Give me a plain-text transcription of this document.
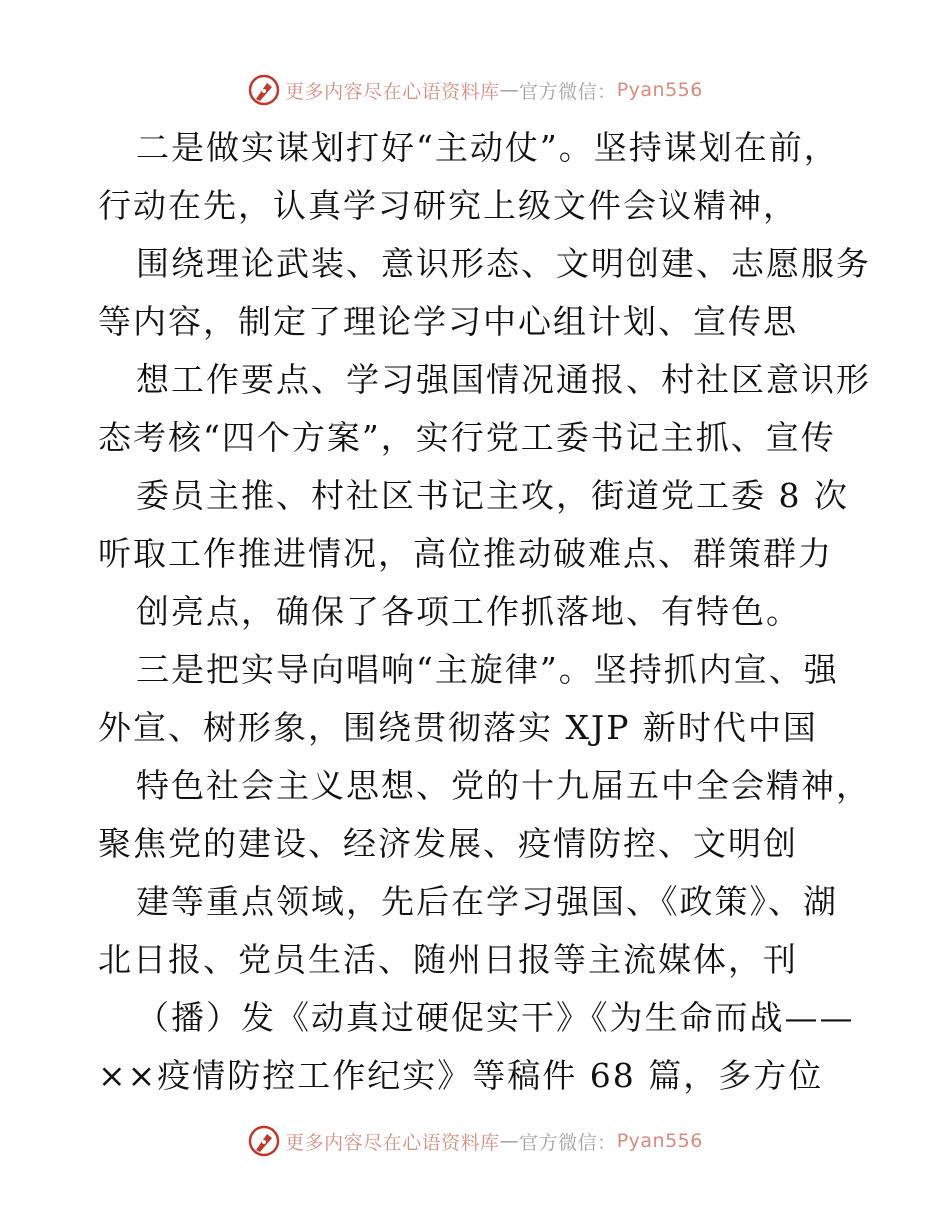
更多内容尽在心语资料库 — 官方微信： Pyan556
二是做实谋划打好“主动仗”。坚持谋划在前，
行动在先，认真学习研究上级文件会议精神，
围绕理论武装、意识形态、文明创建、志愿服务
等内容，制定了理论学习中心组计划、宣传思
想工作要点、学习强国情况通报、村社区意识形
态考核“四个方案”，实行党工委书记主抓、宣传
委员主推、村社区书记主攻，街道党工委 8 次
听取工作推进情况，高位推动破难点、群策群力
创亮点，确保了各项工作抓落地、有特色。
三是把实导向唱响“主旋律”。坚持抓内宣、强
外宣、树形象，围绕贯彻落实 XJP 新时代中国
特色社会主义思想、党的十九届五中全会精神，
聚焦党的建设、经济发展、疫情防控、文明创
建等重点领域，先后在学习强国、《政策》、湖
北日报、党员生活、随州日报等主流媒体，刊
（播）发《动真过硬促实干》《为生命而战——
××疫情防控工作纪实》等稿件 68 篇，多方位
更多内容尽在心语资料库 — 官方微信： Pyan556
